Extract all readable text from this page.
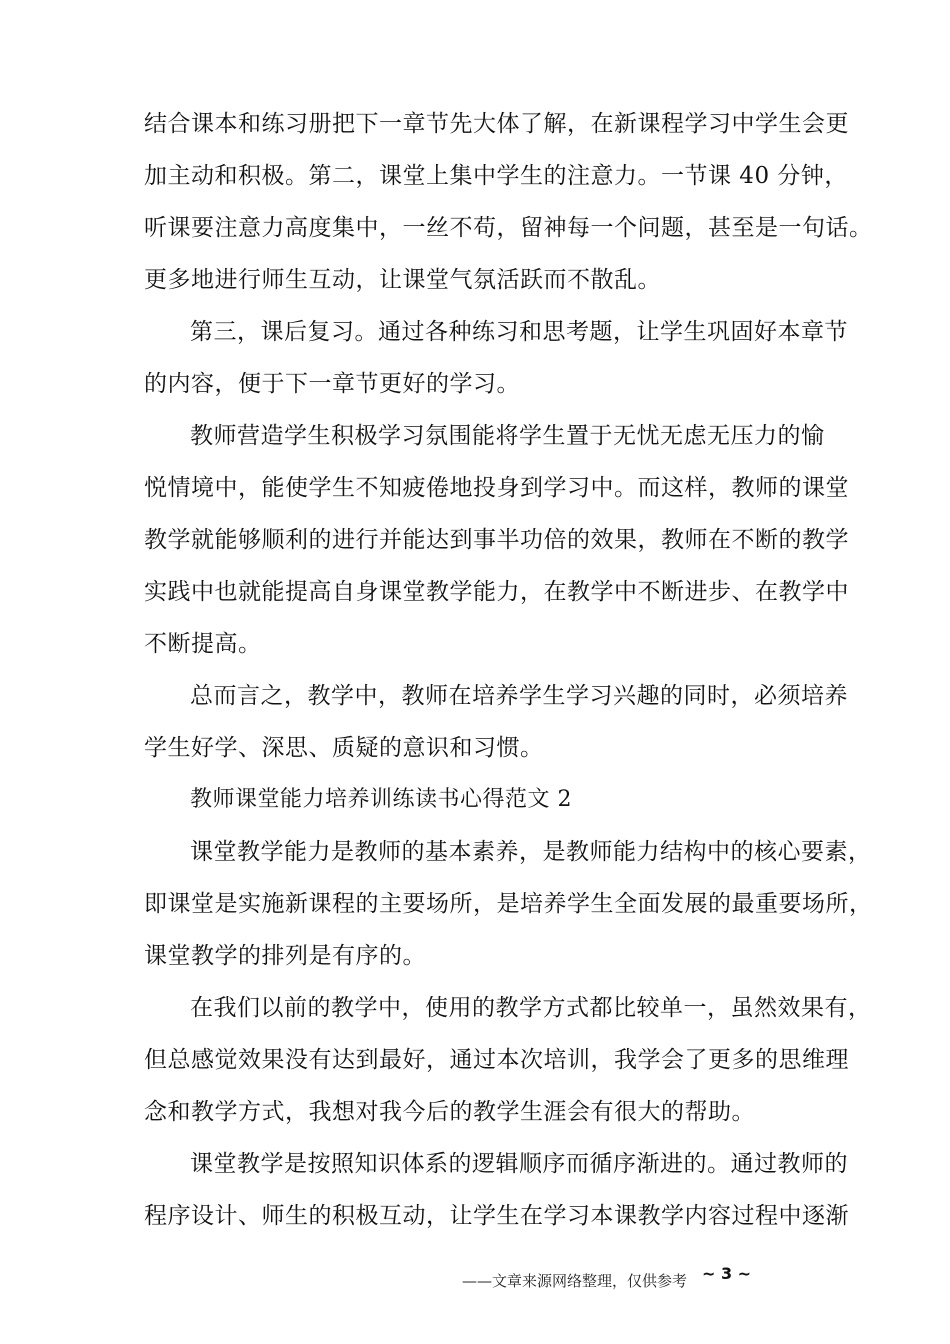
结合课本和练习册把下一章节先大体了解，在新课程学习中学生会更
加主动和积极。第二，课堂上集中学生的注意力。一节课 40 分钟，
听课要注意力高度集中，一丝不苟，留神每一个问题，甚至是一句话。
更多地进行师生互动，让课堂气氛活跃而不散乱。
第三，课后复习。通过各种练习和思考题，让学生巩固好本章节
的内容，便于下一章节更好的学习。
教师营造学生积极学习氛围能将学生置于无忧无虑无压力的愉
悦情境中，能使学生不知疲倦地投身到学习中。而这样，教师的课堂
教学就能够顺利的进行并能达到事半功倍的效果，教师在不断的教学
实践中也就能提高自身课堂教学能力，在教学中不断进步、在教学中
不断提高。
总而言之，教学中，教师在培养学生学习兴趣的同时，必须培养
学生好学、深思、质疑的意识和习惯。
教师课堂能力培养训练读书心得范文 2
课堂教学能力是教师的基本素养，是教师能力结构中的核心要素，
即课堂是实施新课程的主要场所，是培养学生全面发展的最重要场所，
课堂教学的排列是有序的。
在我们以前的教学中，使用的教学方式都比较单一，虽然效果有，
但总感觉效果没有达到最好，通过本次培训，我学会了更多的思维理
念和教学方式，我想对我今后的教学生涯会有很大的帮助。
课堂教学是按照知识体系的逻辑顺序而循序渐进的。通过教师的
程序设计、师生的积极互动，让学生在学习本课教学内容过程中逐渐
——文章来源网络整理，仅供参考 ~ 3 ~
